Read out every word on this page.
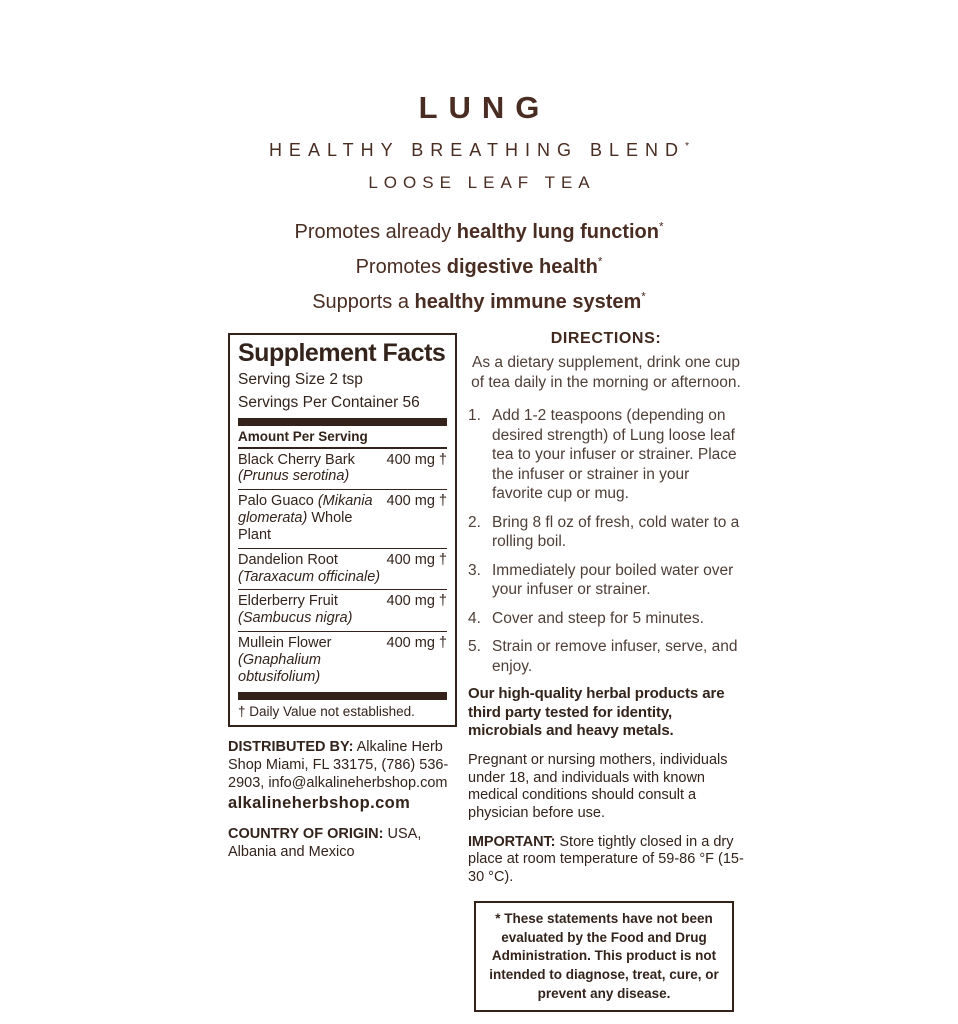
LUNG
HEALTHY BREATHING BLEND*
LOOSE LEAF TEA
Promotes already healthy lung function*
Promotes digestive health*
Supports a healthy immune system*
Supplement Facts
Serving Size 2 tsp
Servings Per Container 56
Amount Per Serving
Black Cherry Bark (Prunus serotina)
400 mg †
Palo Guaco (Mikania glomerata) Whole Plant
400 mg †
Dandelion Root (Taraxacum officinale)
400 mg †
Elderberry Fruit (Sambucus nigra)
400 mg †
Mullein Flower (Gnaphalium obtusifolium)
400 mg †
† Daily Value not established.
DISTRIBUTED BY: Alkaline Herb Shop Miami, FL 33175, (786) 536-2903, info@alkalineherbshop.com
alkalineherbshop.com
COUNTRY OF ORIGIN: USA, Albania and Mexico
DIRECTIONS:
As a dietary supplement, drink one cup of tea daily in the morning or afternoon.
1. Add 1-2 teaspoons (depending on desired strength) of Lung loose leaf tea to your infuser or strainer. Place the infuser or strainer in your favorite cup or mug.
2. Bring 8 fl oz of fresh, cold water to a rolling boil.
3. Immediately pour boiled water over your infuser or strainer.
4. Cover and steep for 5 minutes.
5. Strain or remove infuser, serve, and enjoy.
Our high-quality herbal products are third party tested for identity, microbials and heavy metals.
Pregnant or nursing mothers, individuals under 18, and individuals with known medical conditions should consult a physician before use.
IMPORTANT: Store tightly closed in a dry place at room temperature of 59-86 °F (15-30 °C).
* These statements have not been evaluated by the Food and Drug Administration. This product is not intended to diagnose, treat, cure, or prevent any disease.
